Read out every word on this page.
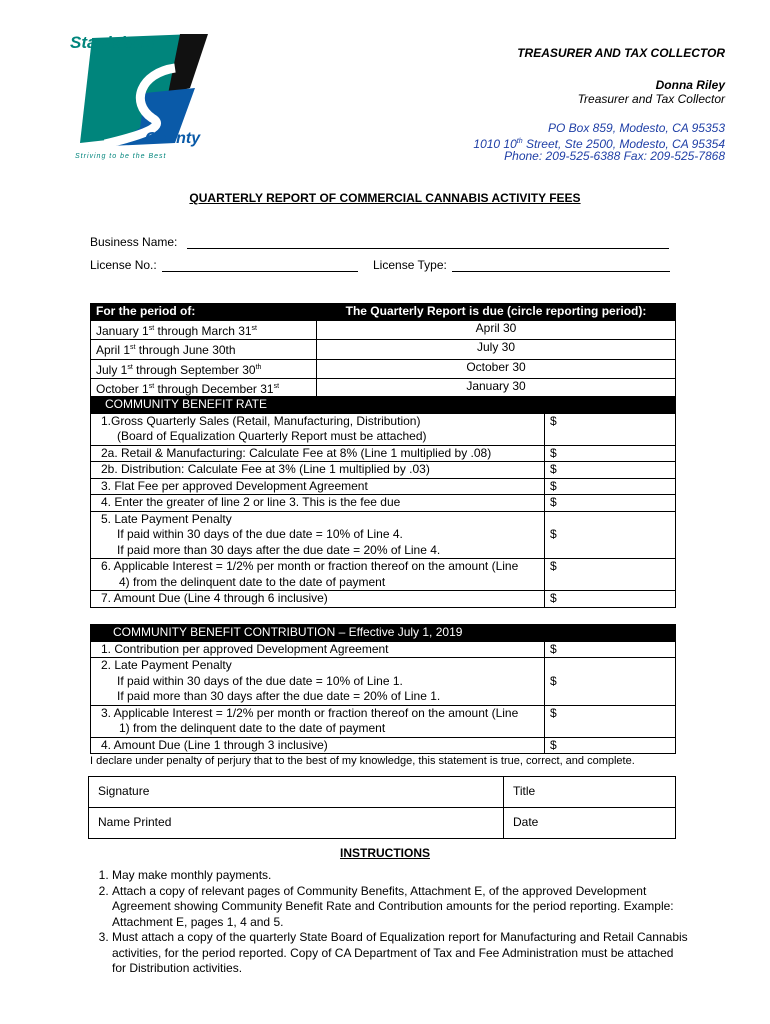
Stanislaus
County
Striving to be the Best
TREASURER AND TAX COLLECTOR
Donna Riley
Treasurer and Tax Collector
PO Box 859, Modesto, CA 95353
1010 10th Street, Ste 2500, Modesto, CA 95354
Phone: 209-525-6388 Fax: 209-525-7868
QUARTERLY REPORT OF COMMERCIAL CANNABIS ACTIVITY FEES
Business Name:
License No.:	License Type:
For the period of:	The Quarterly Report is due (circle reporting period):
January 1st through March 31st	April 30
April 1st through June 30th	July 30
July 1st through September 30th	October 30
October 1st through December 31st	January 30
COMMUNITY BENEFIT RATE	

1.Gross Quarterly Sales (Retail, Manufacturing, Distribution)
(Board of Equalization Quarterly Report must be attached)	$
2a. Retail & Manufacturing: Calculate Fee at 8% (Line 1 multiplied by .08)	$
2b. Distribution: Calculate Fee at 3% (Line 1 multiplied by .03)	$
3. Flat Fee per approved Development Agreement	$
4. Enter the greater of line 2 or line 3. This is the fee due	$

5. Late Payment Penalty
If paid within 30 days of the due date = 10% of Line 4.
If paid more than 30 days after the due date = 20% of Line 4.	$

6. Applicable Interest = 1/2% per month or fraction thereof on the amount (Line
4) from the delinquent date to the date of payment	$
7. Amount Due (Line 4 through 6 inclusive)	$
COMMUNITY BENEFIT CONTRIBUTION – Effective July 1, 2019	
1. Contribution per approved Development Agreement	$

2. Late Payment Penalty
If paid within 30 days of the due date = 10% of Line 1.
If paid more than 30 days after the due date = 20% of Line 1.	$

3. Applicable Interest = 1/2% per month or fraction thereof on the amount (Line
1) from the delinquent date to the date of payment	$
4. Amount Due (Line 1 through 3 inclusive)	$
I declare under penalty of perjury that to the best of my knowledge, this statement is true, correct, and complete.
Signature	Title
Name Printed	Date
INSTRUCTIONS
1. May make monthly payments.
2. Attach a copy of relevant pages of Community Benefits, Attachment E, of the approved Development Agreement showing Community Benefit Rate and Contribution amounts for the period reporting. Example: Attachment E, pages 1, 4 and 5.
3. Must attach a copy of the quarterly State Board of Equalization report for Manufacturing and Retail Cannabis activities, for the period reported. Copy of CA Department of Tax and Fee Administration must be attached for Distribution activities.
